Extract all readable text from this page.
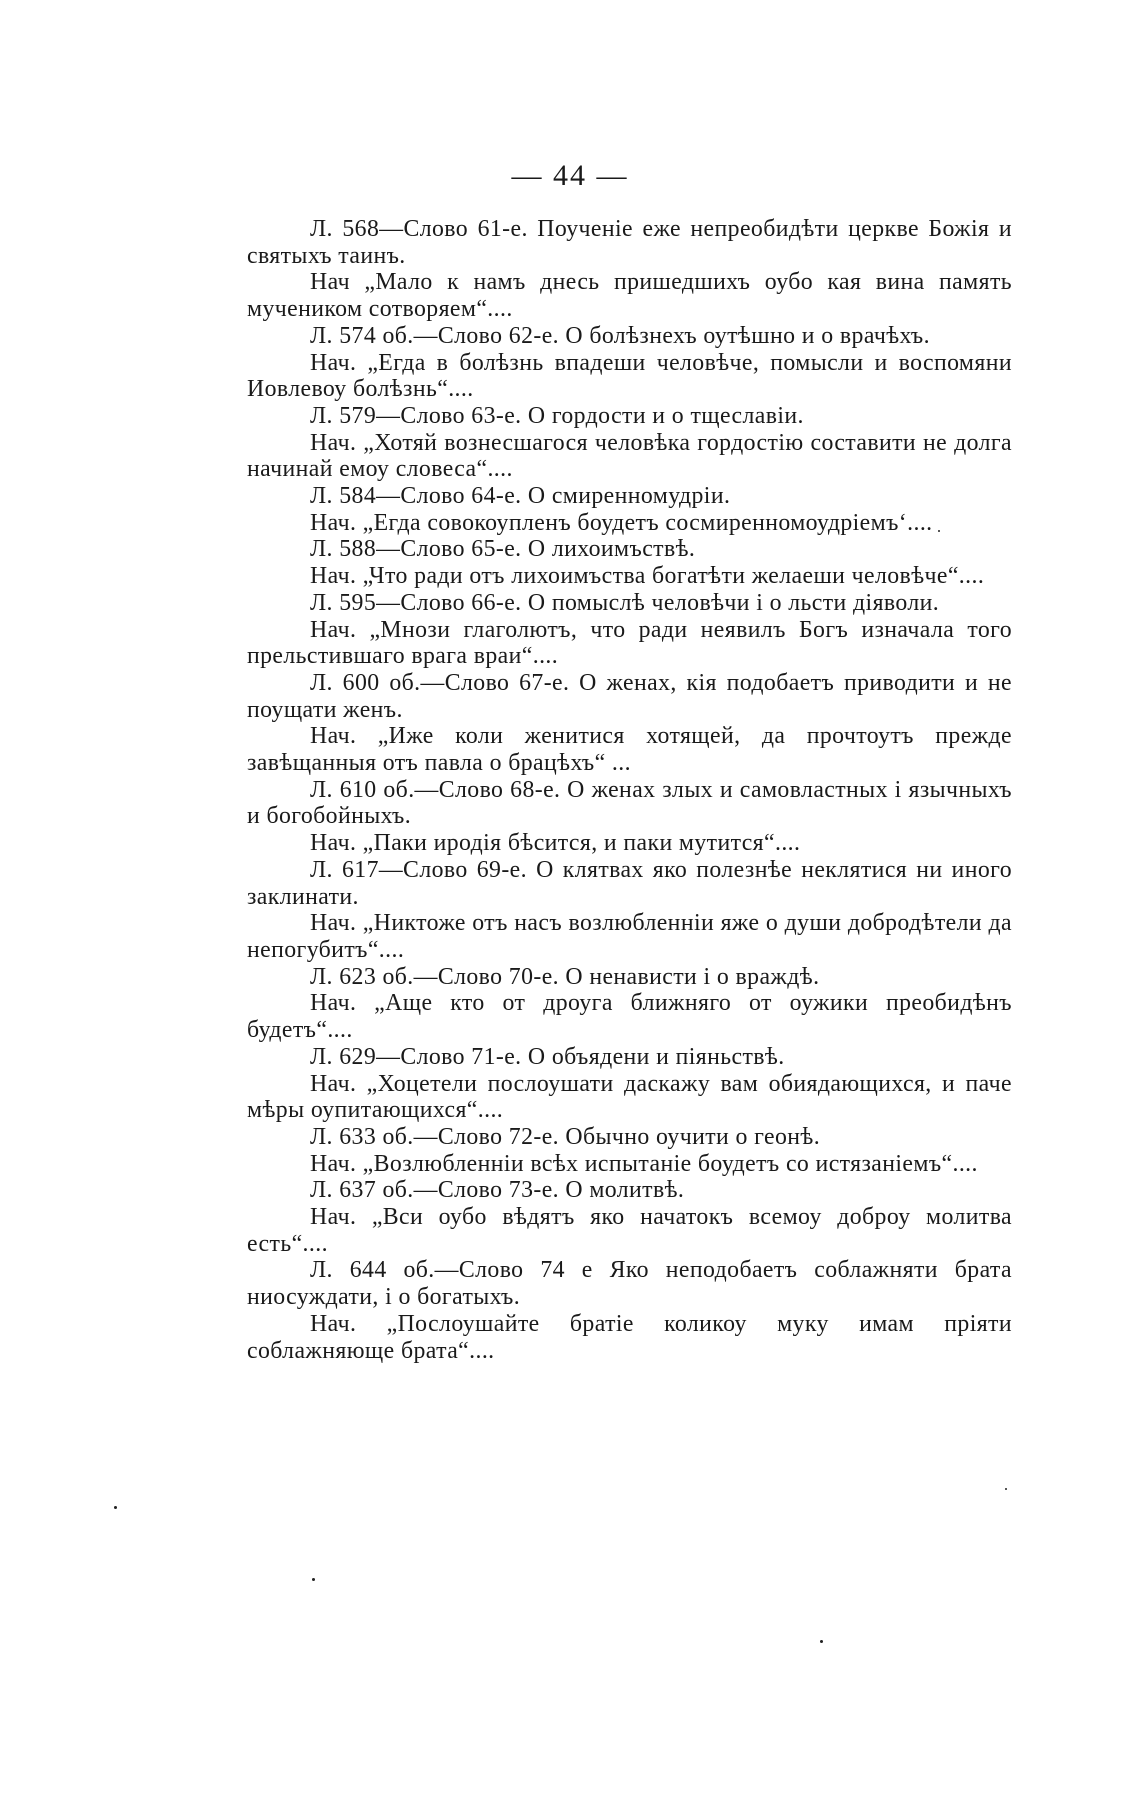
— 44 —

Л. 568—Слово 61-е. Поученіе еже непреобидѣти церкве Божія и святыхъ таинъ.

Нач „Мало к намъ днесь пришедшихъ оубо кая вина память мучеником сотворяем“....

Л. 574 об.—Слово 62-е. О болѣзнехъ оутѣшно и о врачѣхъ.

Нач. „Егда в болѣзнь впадеши человѣче, помысли и воспомяни Иовлевоу болѣзнь“....

Л. 579—Слово 63-е. О гордости и о тщеславіи.

Нач. „Хотяй вознесшагося человѣка гордостію составити не долга начинай емоу словеса“....

Л. 584—Слово 64-е. О смиренномудріи.

Нач. „Егда совокоупленъ боудетъ сосмиренномоудріемъ‘....

Л. 588—Слово 65-е. О лихоимъствѣ.

Нач. „Что ради отъ лихоимъства богатѣти желаеши человѣче“....

Л. 595—Слово 66-е. О помыслѣ человѣчи і о льсти діяволи.

Нач. „Мнози глаголютъ, что ради неявилъ Богъ изначала того прельстившаго врага враи“....

Л. 600 об.—Слово 67-е. О женах, кія подобаетъ приводити и не поущати женъ.

Нач. „Иже коли женитися хотящей, да прочтоутъ прежде завѣщанныя отъ павла о брацѣхъ“ ...

Л. 610 об.—Слово 68-е. О женах злых и самовластных і язычныхъ и богобойныхъ.

Нач. „Паки иродія бѣсится, и паки мутится“....

Л. 617—Слово 69-е. О клятвах яко полезнѣе неклятися ни иного заклинати.

Нач. „Никтоже отъ насъ возлюбленніи яже о души добродѣтели да непогубитъ“....

Л. 623 об.—Слово 70-е. О ненависти і о враждѣ.

Нач. „Аще кто от дроуга ближняго от оужики преобидѣнъ будетъ“....

Л. 629—Слово 71-е. О объядени и піяньствѣ.

Нач. „Хоцетели послоушати даскажу вам обиядающихся, и паче мѣры оупитающихся“....

Л. 633 об.—Слово 72-е. Обычно оучити о геонѣ.

Нач. „Возлюбленніи всѣх испытаніе боудетъ со истязаніемъ“....

Л. 637 об.—Слово 73-е. О молитвѣ.

Нач. „Вси оубо вѣдятъ яко начатокъ всемоу доброу молитва есть“....

Л. 644 об.—Слово 74 е Яко неподобаетъ соблажняти брата ниосуждати, і о богатыхъ.

Нач. „Послоушайте братіе коликоу муку имам пріяти соблажняюще брата“....
